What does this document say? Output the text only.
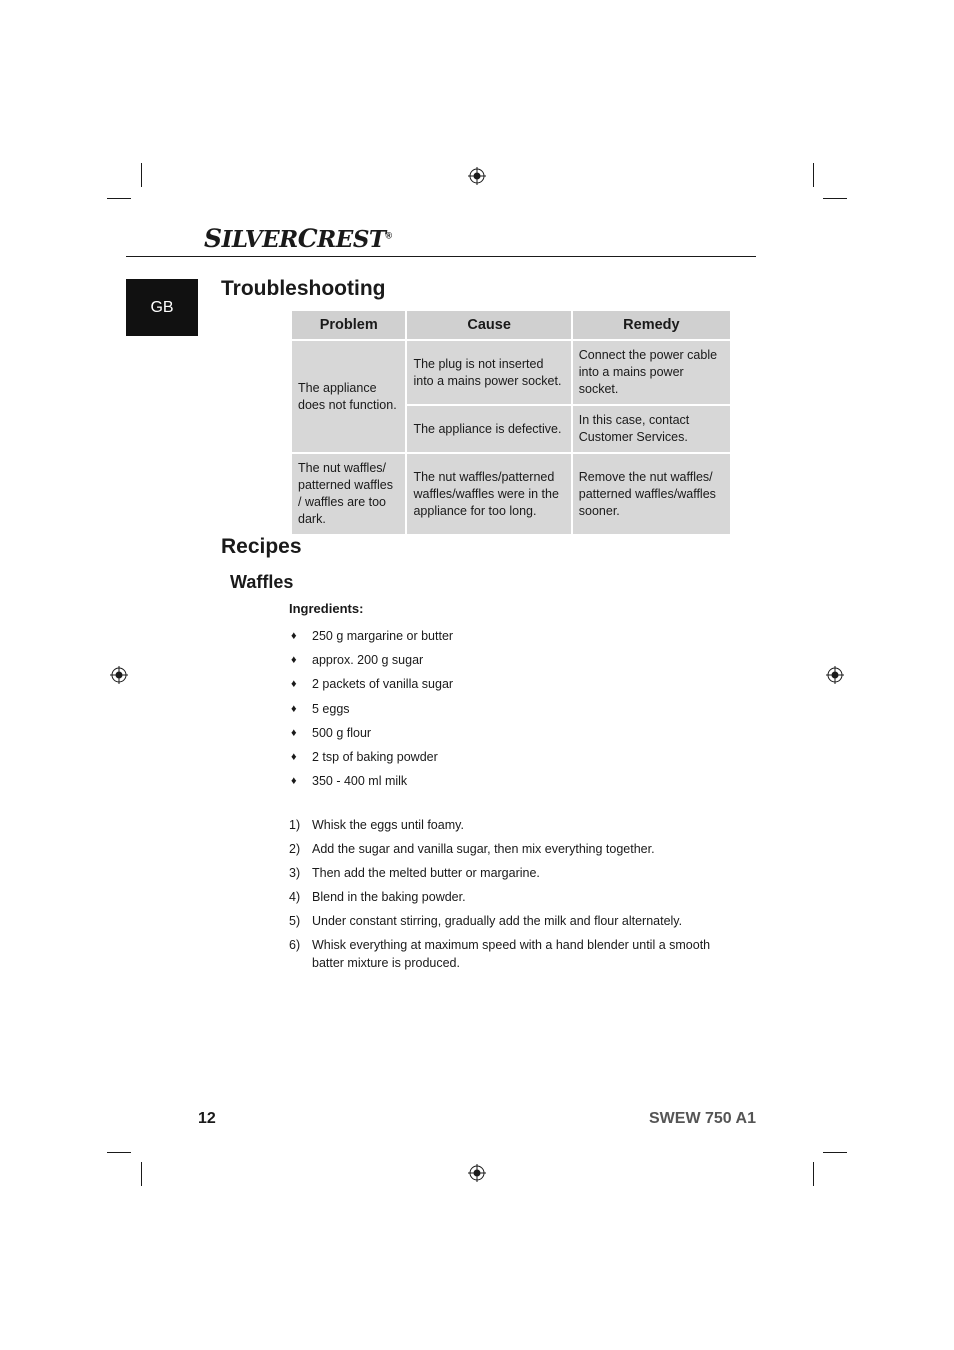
SILVERCREST®
GB
Troubleshooting
Problem	Cause	Remedy
The appliance does not function.	The plug is not inserted into a mains power socket.	Connect the power cable into a mains power socket.
	The appliance is defective.	In this case, contact Customer Services.
The nut waffles/ patterned waffles / waffles are too dark.	The nut waffles/patterned waffles/waffles were in the appliance for too long.	Remove the nut waffles/ patterned waffles/waffles sooner.
Recipes
Waffles
Ingredients:
♦	250 g margarine or butter
♦	approx. 200 g sugar
♦	2 packets of vanilla sugar
♦	5 eggs
♦	500 g flour
♦	2 tsp of baking powder
♦	350 - 400 ml milk
1) Whisk the eggs until foamy.
2) Add the sugar and vanilla sugar, then mix everything together.
3) Then add the melted butter or margarine.
4) Blend in the baking powder.
5) Under constant stirring, gradually add the milk and flour alternately.
6) Whisk everything at maximum speed with a hand blender until a smooth batter mixture is produced.
12	SWEW 750 A1
